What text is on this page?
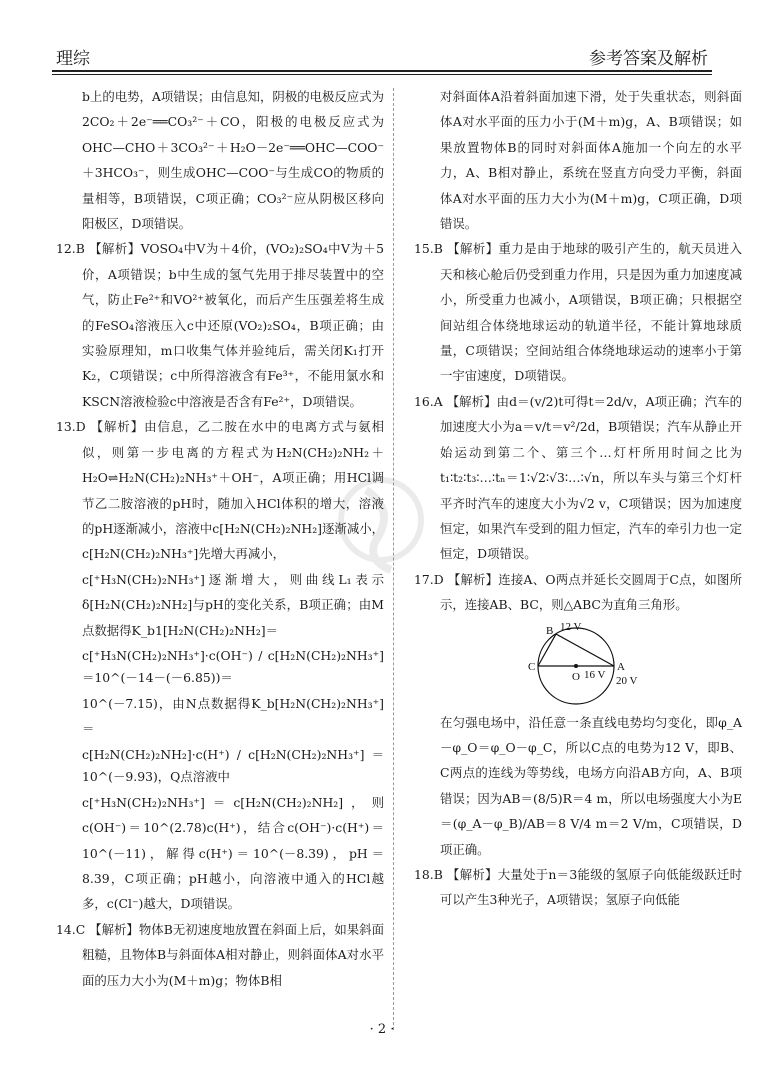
理综	参考答案及解析

b上的电势，A项错误；由信息知，阴极的电极反应式为2CO₂＋2e⁻══CO₃²⁻＋CO，阳极的电极反应式为OHC—CHO＋3CO₃²⁻＋H₂O－2e⁻══OHC—COO⁻＋3HCO₃⁻，则生成OHC—COO⁻与生成CO的物质的量相等，B项错误，C项正确；CO₃²⁻应从阴极区移向阳极区，D项错误。

12.B 【解析】VOSO₄中V为＋4价，(VO₂)₂SO₄中V为＋5价，A项错误；b中生成的氢气先用于排尽装置中的空气，防止Fe²⁺和VO²⁺被氧化，而后产生压强差将生成的FeSO₄溶液压入c中还原(VO₂)₂SO₄，B项正确；由实验原理知，m口收集气体并验纯后，需关闭K₁打开K₂，C项错误；c中所得溶液含有Fe³⁺，不能用氯水和KSCN溶液检验c中溶液是否含有Fe²⁺，D项错误。

13.D 【解析】由信息，乙二胺在水中的电离方式与氨相似，则第一步电离的方程式为H₂N(CH₂)₂NH₂＋H₂O⇌H₂N(CH₂)₂NH₃⁺＋OH⁻，A项正确；用HCl调节乙二胺溶液的pH时，随加入HCl体积的增大，溶液的pH逐渐减小，溶液中c[H₂N(CH₂)₂NH₂]逐渐减小，c[H₂N(CH₂)₂NH₃⁺]先增大再减小，

c[⁺H₃N(CH₂)₂NH₃⁺]逐渐增大，则曲线L₁表示δ[H₂N(CH₂)₂NH₂]与pH的变化关系，B项正确；由M点数据得K_b1[H₂N(CH₂)₂NH₂]＝

c[⁺H₃N(CH₂)₂NH₃⁺]·c(OH⁻) / c[H₂N(CH₂)₂NH₃⁺] ＝10^(－14－(－6.85))＝

10^(－7.15)，由N点数据得K_b[H₂N(CH₂)₂NH₃⁺]＝

c[H₂N(CH₂)₂NH₂]·c(H⁺) / c[H₂N(CH₂)₂NH₃⁺] ＝10^(－9.93)，Q点溶液中

c[⁺H₃N(CH₂)₂NH₃⁺]＝c[H₂N(CH₂)₂NH₂]，则c(OH⁻)＝10^(2.78)c(H⁺)，结合c(OH⁻)·c(H⁺)＝10^(－11)，解得c(H⁺)＝10^(－8.39)，pH＝8.39，C项正确；pH越小，向溶液中通入的HCl越多，c(Cl⁻)越大，D项错误。

14.C 【解析】物体B无初速度地放置在斜面上后，如果斜面粗糙，且物体B与斜面体A相对静止，则斜面体A对水平面的压力大小为(M＋m)g；物体B相

对斜面体A沿着斜面加速下滑，处于失重状态，则斜面体A对水平面的压力小于(M＋m)g，A、B项错误；如果放置物体B的同时对斜面体A施加一个向左的水平力，A、B相对静止，系统在竖直方向受力平衡，斜面体A对水平面的压力大小为(M＋m)g，C项正确，D项错误。

15.B 【解析】重力是由于地球的吸引产生的，航天员进入天和核心舱后仍受到重力作用，只是因为重力加速度减小，所受重力也减小，A项错误，B项正确；只根据空间站组合体绕地球运动的轨道半径，不能计算地球质量，C项错误；空间站组合体绕地球运动的速率小于第一宇宙速度，D项错误。

16.A 【解析】由d＝(v/2)t可得t＝2d/v，A项正确；汽车的加速度大小为a＝v/t＝v²/2d，B项错误；汽车从静止开始运动到第二个、第三个…灯杆所用时间之比为t₁∶t₂∶t₃∶…∶tₙ＝1∶√2∶√3∶…∶√n，所以车头与第三个灯杆平齐时汽车的速度大小为√2 v，C项错误；因为加速度恒定，如果汽车受到的阻力恒定，汽车的牵引力也一定恒定，D项错误。

17.D 【解析】连接A、O两点并延长交圆周于C点，如图所示，连接AB、BC，则△ABC为直角三角形。

B 12 V
C
O 16 V
A
20 V

在匀强电场中，沿任意一条直线电势均匀变化，即φ_A－φ_O＝φ_O－φ_C，所以C点的电势为12 V，即B、C两点的连线为等势线，电场方向沿AB方向，A、B项错误；因为AB＝(8/5)R＝4 m，所以电场强度大小为E＝(φ_A－φ_B)/AB＝8 V/4 m＝2 V/m，C项错误，D项正确。

18.B 【解析】大量处于n＝3能级的氢原子向低能级跃迁时可以产生3种光子，A项错误；氢原子向低能

· 2 ·
